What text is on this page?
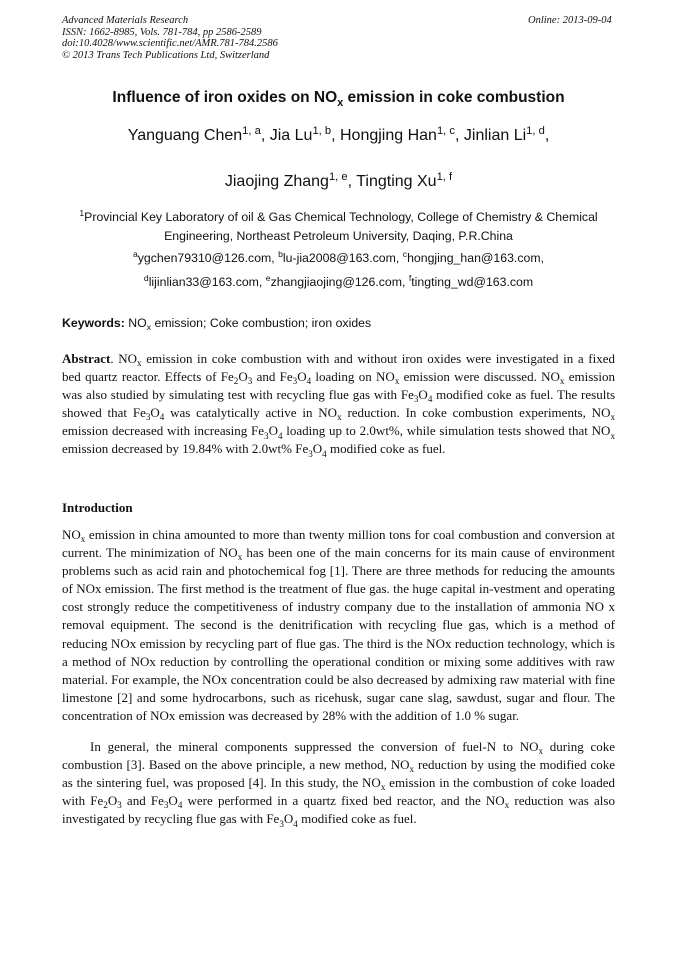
Advanced Materials Research
ISSN: 1662-8985, Vols. 781-784, pp 2586-2589
doi:10.4028/www.scientific.net/AMR.781-784.2586
© 2013 Trans Tech Publications Ltd, Switzerland
Online: 2013-09-04
Influence of iron oxides on $NO_x$ emission in coke combustion
Yanguang Chen$^{1, a}$, Jia Lu$^{1, b}$, Hongjing Han$^{1, c}$, Jinlian Li$^{1, d}$,
Jiaojing Zhang$^{1, e}$, Tingting Xu$^{1, f}$
$^1$Provincial Key Laboratory of oil & Gas Chemical Technology, College of Chemistry & Chemical Engineering, Northeast Petroleum University, Daqing, P.R.China
$^a$ygchen79310@126.com, $^b$lu-jia2008@163.com, $^c$hongjing_han@163.com,
$^d$lijinlian33@163.com, $^e$zhangjiaojing@126.com, $^f$tingting_wd@163.com
Keywords: $NO_x$ emission; Coke combustion; iron oxides
Abstract. $NO_x$ emission in coke combustion with and without iron oxides were investigated in a fixed bed quartz reactor. Effects of $Fe_2O_3$ and $Fe_3O_4$ loading on $NO_x$ emission were discussed. $NO_x$ emission was also studied by simulating test with recycling flue gas with $Fe_3O_4$ modified coke as fuel. The results showed that $Fe_3O_4$ was catalytically active in $NO_x$ reduction. In coke combustion experiments, $NO_x$ emission decreased with increasing $Fe_3O_4$ loading up to 2.0wt%, while simulation tests showed that $NO_x$ emission decreased by 19.84% with 2.0wt% $Fe_3O_4$ modified coke as fuel.
Introduction
$NO_x$ emission in china amounted to more than twenty million tons for coal combustion and conversion at current. The minimization of $NO_x$ has been one of the main concerns for its main cause of environment problems such as acid rain and photochemical fog [1]. There are three methods for reducing the amounts of NOx emission. The first method is the treatment of flue gas. the huge capital in-vestment and operating cost strongly reduce the competitiveness of industry company due to the installation of ammonia NO x removal equipment. The second is the denitrification with recycling flue gas, which is a method of reducing NOx emission by recycling part of flue gas. The third is the NOx reduction technology, which is a method of NOx reduction by controlling the operational condition or mixing some additives with raw material. For example, the NOx concentration could be also decreased by admixing raw material with fine limestone [2] and some hydrocarbons, such as ricehusk, sugar cane slag, sawdust, sugar and flour. The concentration of NOx emission was decreased by 28% with the addition of 1.0 % sugar.
In general, the mineral components suppressed the conversion of fuel-N to $NO_x$ during coke combustion [3]. Based on the above principle, a new method, $NO_x$ reduction by using the modified coke as the sintering fuel, was proposed [4]. In this study, the $NO_x$ emission in the combustion of coke loaded with $Fe_2O_3$ and $Fe_3O_4$ were performed in a quartz fixed bed reactor, and the $NO_x$ reduction was also investigated by recycling flue gas with $Fe_3O_4$ modified coke as fuel.
